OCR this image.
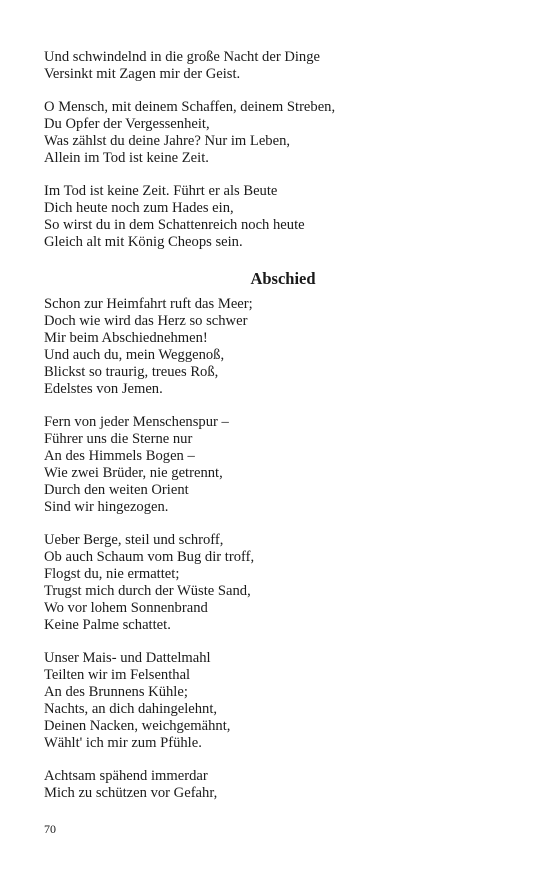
Und schwindelnd in die große Nacht der Dinge
Versinkt mit Zagen mir der Geist.
O Mensch, mit deinem Schaffen, deinem Streben,
Du Opfer der Vergessenheit,
Was zählst du deine Jahre? Nur im Leben,
Allein im Tod ist keine Zeit.
Im Tod ist keine Zeit. Führt er als Beute
Dich heute noch zum Hades ein,
So wirst du in dem Schattenreich noch heute
Gleich alt mit König Cheops sein.
Abschied
Schon zur Heimfahrt ruft das Meer;
Doch wie wird das Herz so schwer
Mir beim Abschiednehmen!
Und auch du, mein Weggenoß,
Blickst so traurig, treues Roß,
Edelstes von Jemen.
Fern von jeder Menschenspur –
Führer uns die Sterne nur
An des Himmels Bogen –
Wie zwei Brüder, nie getrennt,
Durch den weiten Orient
Sind wir hingezogen.
Ueber Berge, steil und schroff,
Ob auch Schaum vom Bug dir troff,
Flogst du, nie ermattet;
Trugst mich durch der Wüste Sand,
Wo vor lohem Sonnenbrand
Keine Palme schattet.
Unser Mais- und Dattelmahl
Teilten wir im Felsenthal
An des Brunnens Kühle;
Nachts, an dich dahingelehnt,
Deinen Nacken, weichgemähnt,
Wählt' ich mir zum Pfühle.
Achtsam spähend immerdar
Mich zu schützen vor Gefahr,
70
